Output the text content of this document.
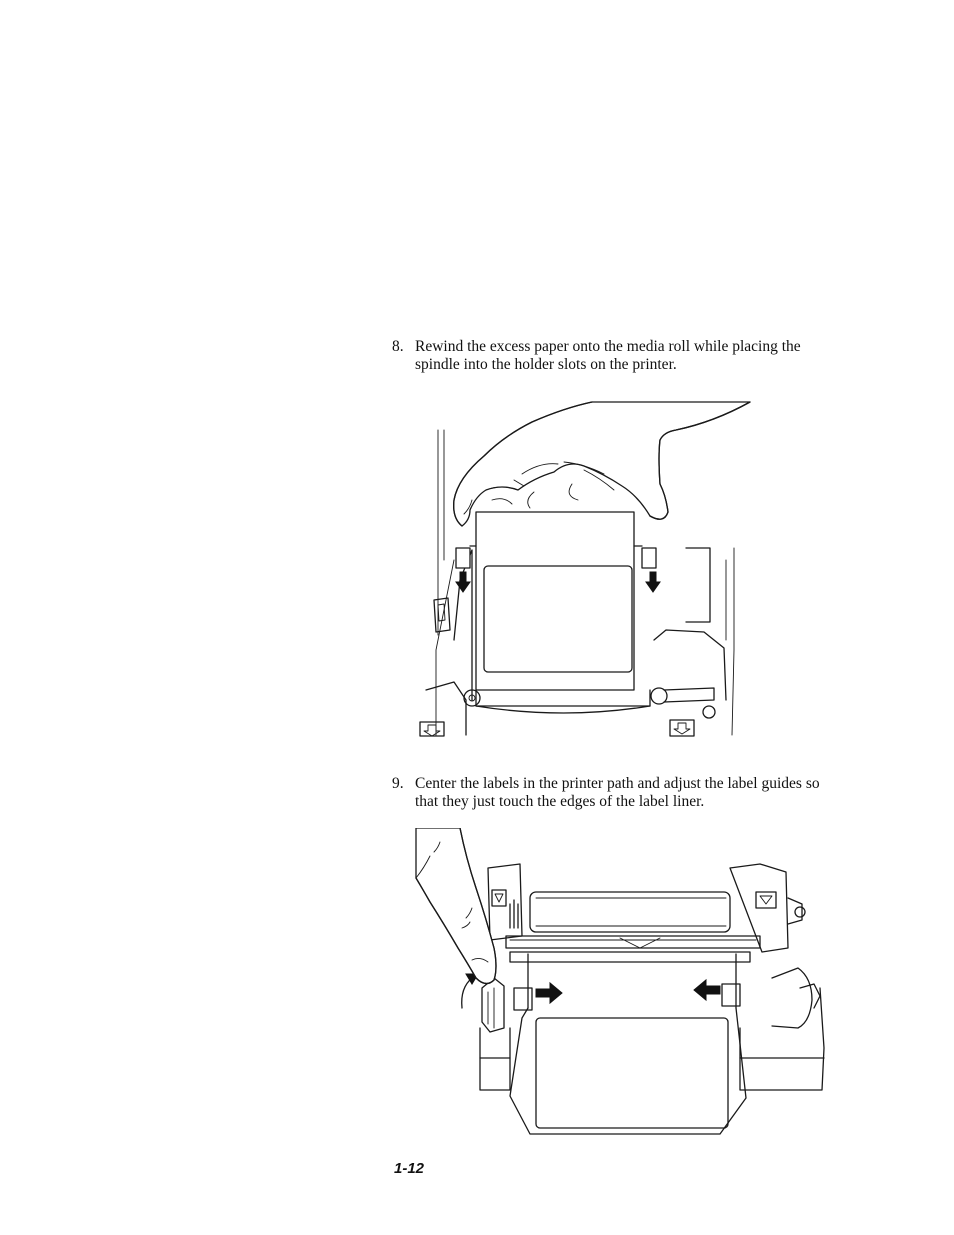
8. Rewind the excess paper onto the media roll while placing the spindle into the holder slots on the printer.
9. Center the labels in the printer path and adjust the label guides so that they just touch the edges of the label liner.
1-12
